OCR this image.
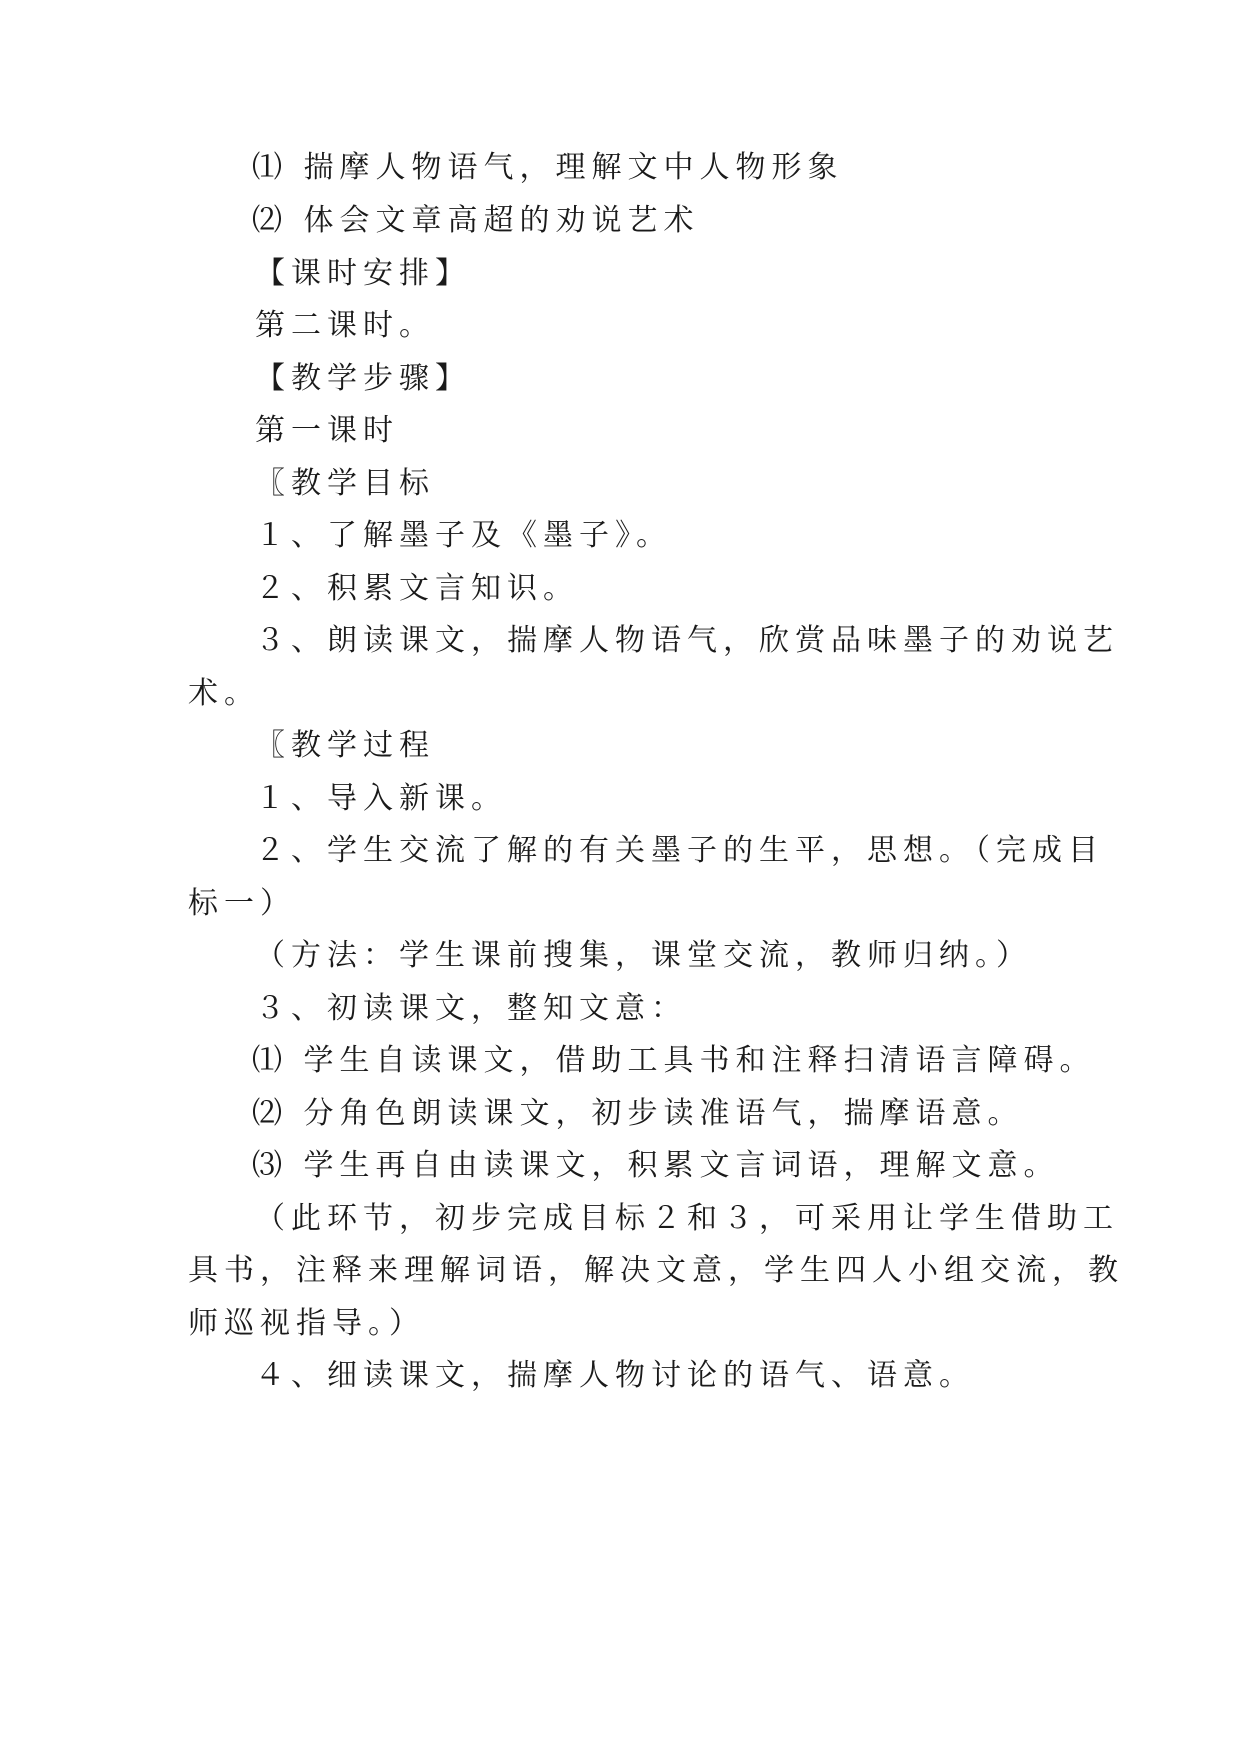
⑴ 揣摩人物语气，理解文中人物形象
⑵ 体会文章高超的劝说艺术
【课时安排】
第二课时。
【教学步骤】
第一课时
〖教学目标
１、了解墨子及《墨子》。
２、积累文言知识。
３、朗读课文，揣摩人物语气，欣赏品味墨子的劝说艺
术。
〖教学过程
１、导入新课。
２、学生交流了解的有关墨子的生平，思想。（完成目
标一）
（方法：学生课前搜集，课堂交流，教师归纳。）
３、初读课文，整知文意：
⑴ 学生自读课文，借助工具书和注释扫清语言障碍。
⑵ 分角色朗读课文，初步读准语气，揣摩语意。
⑶ 学生再自由读课文，积累文言词语，理解文意。
（此环节，初步完成目标２和３，可采用让学生借助工
具书，注释来理解词语，解决文意，学生四人小组交流，教
师巡视指导。）
４、细读课文，揣摩人物讨论的语气、语意。
